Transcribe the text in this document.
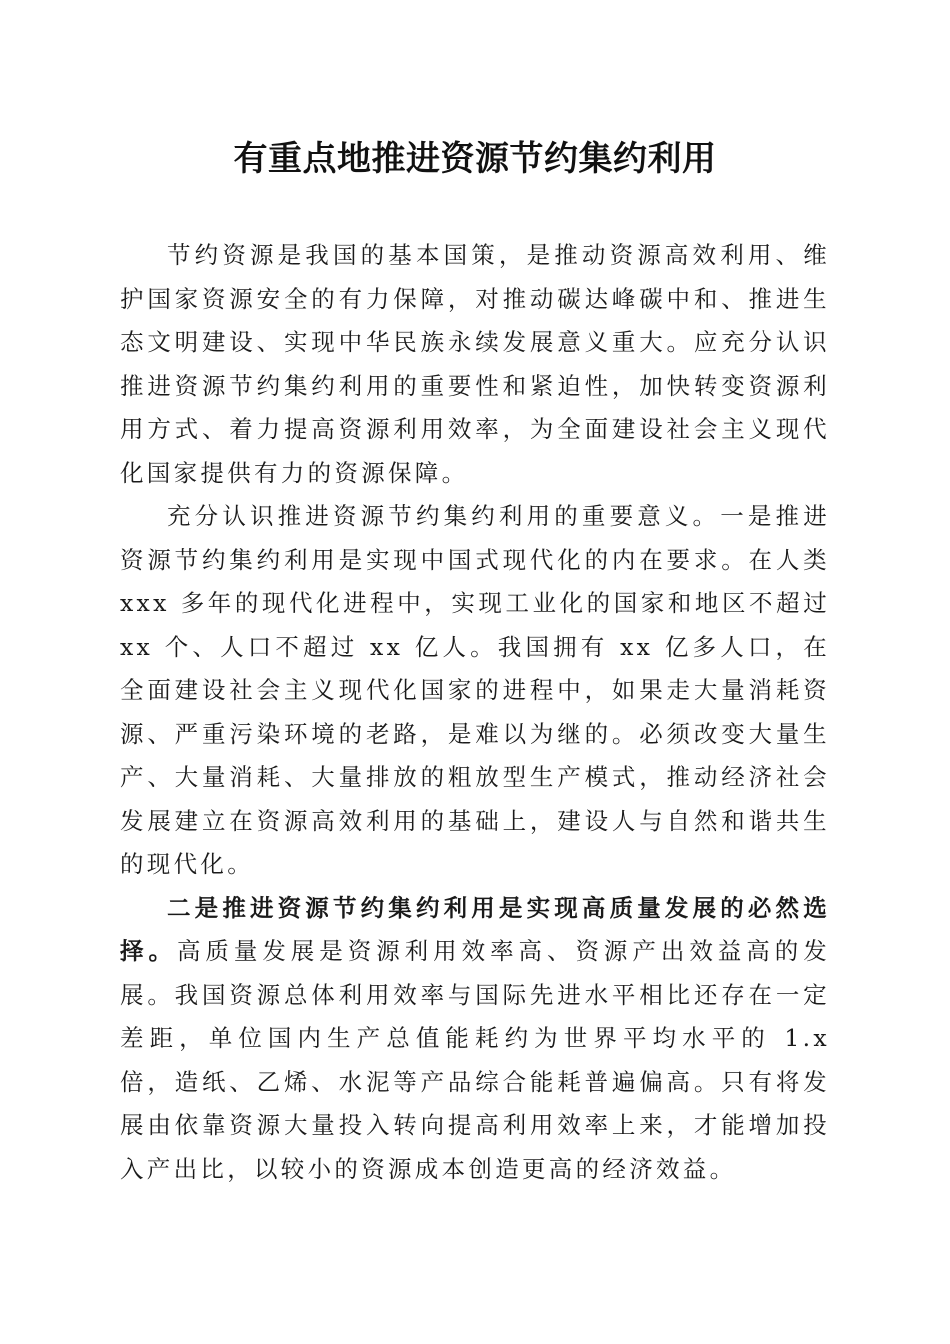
有重点地推进资源节约集约利用

节约资源是我国的基本国策，是推动资源高效利用、维护国家资源安全的有力保障，对推动碳达峰碳中和、推进生态文明建设、实现中华民族永续发展意义重大。应充分认识推进资源节约集约利用的重要性和紧迫性，加快转变资源利用方式、着力提高资源利用效率，为全面建设社会主义现代化国家提供有力的资源保障。

充分认识推进资源节约集约利用的重要意义。一是推进资源节约集约利用是实现中国式现代化的内在要求。在人类 xxx 多年的现代化进程中，实现工业化的国家和地区不超过 xx 个、人口不超过 xx 亿人。我国拥有 xx 亿多人口，在全面建设社会主义现代化国家的进程中，如果走大量消耗资源、严重污染环境的老路，是难以为继的。必须改变大量生产、大量消耗、大量排放的粗放型生产模式，推动经济社会发展建立在资源高效利用的基础上，建设人与自然和谐共生的现代化。

二是推进资源节约集约利用是实现高质量发展的必然选择。高质量发展是资源利用效率高、资源产出效益高的发展。我国资源总体利用效率与国际先进水平相比还存在一定差距，单位国内生产总值能耗约为世界平均水平的 1.x 倍，造纸、乙烯、水泥等产品综合能耗普遍偏高。只有将发展由依靠资源大量投入转向提高利用效率上来，才能增加投入产出比，以较小的资源成本创造更高的经济效益。
